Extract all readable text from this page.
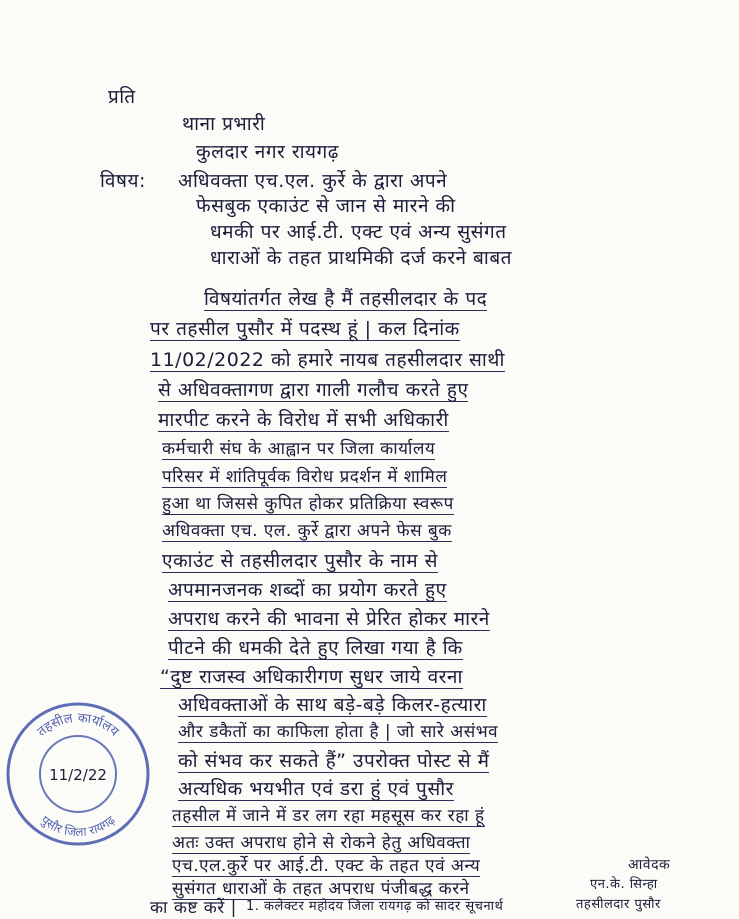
प्रति
थाना प्रभारी
कुलदार नगर रायगढ़
विषय: अधिवक्ता एच.एल. कुर्रे के द्वारा अपने
फेसबुक एकाउंट से जान से मारने की
धमकी पर आई.टी. एक्ट एवं अन्य सुसंगत
धाराओं के तहत प्राथमिकी दर्ज करने बाबत
विषयांतर्गत लेख है मैं तहसीलदार के पद
पर तहसील पुसौर में पदस्थ हूं | कल दिनांक
11/02/2022 को हमारे नायब तहसीलदार साथी
से अधिवक्तागण द्वारा गाली गलौच करते हुए
मारपीट करने के विरोध में सभी अधिकारी
कर्मचारी संघ के आह्वान पर जिला कार्यालय
परिसर में शांतिपूर्वक विरोध प्रदर्शन में शामिल
हुआ था जिससे कुपित होकर प्रतिक्रिया स्वरूप
अधिवक्ता एच. एल. कुर्रे द्वारा अपने फेस बुक
एकाउंट से तहसीलदार पुसौर के नाम से
अपमानजनक शब्दों का प्रयोग करते हुए
अपराध करने की भावना से प्रेरित होकर मारने
पीटने की धमकी देते हुए लिखा गया है कि
“दुष्ट राजस्व अधिकारीगण सुधर जाये वरना
अधिवक्ताओं के साथ बड़े-बड़े किलर-हत्यारा
और डकैतों का काफिला होता है | जो सारे असंभव
को संभव कर सकते हैं” उपरोक्त पोस्ट से मैं
अत्यधिक भयभीत एवं डरा हुं एवं पुसौर
तहसील में जाने में डर लग रहा महसूस कर रहा हूं
अतः उक्त अपराध होने से रोकने हेतु अधिवक्ता
एच.एल.कुर्रे पर आई.टी. एक्ट के तहत एवं अन्य
सुसंगत धाराओं के तहत अपराध पंजीबद्ध करने
का कष्ट करें | 1. कलेक्टर महोदय जिला रायगढ़ को सादर सूचनार्थ
आवेदक
एन.के. सिन्हा
तहसीलदार पुसौर
तहसील कार्यालय
पुसौर जिला रायगढ़
11/2/22
